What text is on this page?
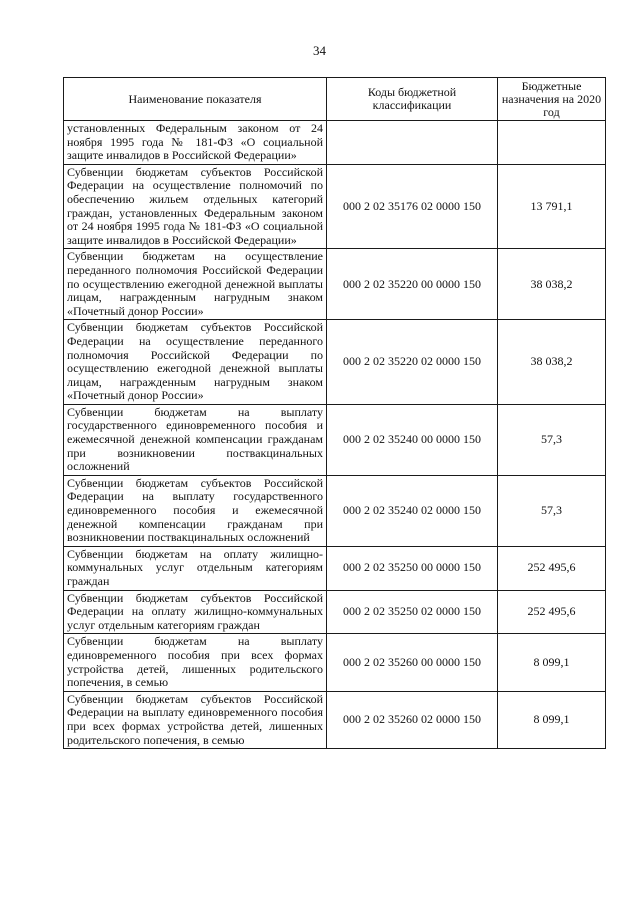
34
Наименование показателя	Коды бюджетной классификации	Бюджетные назначения на 2020 год
установленных Федеральным законом от 24 ноября 1995 года № 181-ФЗ «О социальной защите инвалидов в Российской Федерации»		
Субвенции бюджетам субъектов Российской Федерации на осуществление полномочий по обеспечению жильем отдельных категорий граждан, установленных Федеральным законом от 24 ноября 1995 года № 181-ФЗ «О социальной защите инвалидов в Российской Федерации»	000 2 02 35176 02 0000 150	13 791,1
Субвенции бюджетам на осуществление переданного полномочия Российской Федерации по осуществлению ежегодной денежной выплаты лицам, награжденным нагрудным знаком «Почетный донор России»	000 2 02 35220 00 0000 150	38 038,2
Субвенции бюджетам субъектов Российской Федерации на осуществление переданного полномочия Российской Федерации по осуществлению ежегодной денежной выплаты лицам, награжденным нагрудным знаком «Почетный донор России»	000 2 02 35220 02 0000 150	38 038,2
Субвенции бюджетам на выплату государственного единовременного пособия и ежемесячной денежной компенсации гражданам при возникновении поствакцинальных осложнений	000 2 02 35240 00 0000 150	57,3
Субвенции бюджетам субъектов Российской Федерации на выплату государственного единовременного пособия и ежемесячной денежной компенсации гражданам при возникновении поствакцинальных осложнений	000 2 02 35240 02 0000 150	57,3
Субвенции бюджетам на оплату жилищно-коммунальных услуг отдельным категориям граждан	000 2 02 35250 00 0000 150	252 495,6
Субвенции бюджетам субъектов Российской Федерации на оплату жилищно-коммунальных услуг отдельным категориям граждан	000 2 02 35250 02 0000 150	252 495,6
Субвенции бюджетам на выплату единовременного пособия при всех формах устройства детей, лишенных родительского попечения, в семью	000 2 02 35260 00 0000 150	8 099,1
Субвенции бюджетам субъектов Российской Федерации на выплату единовременного пособия при всех формах устройства детей, лишенных родительского попечения, в семью	000 2 02 35260 02 0000 150	8 099,1
